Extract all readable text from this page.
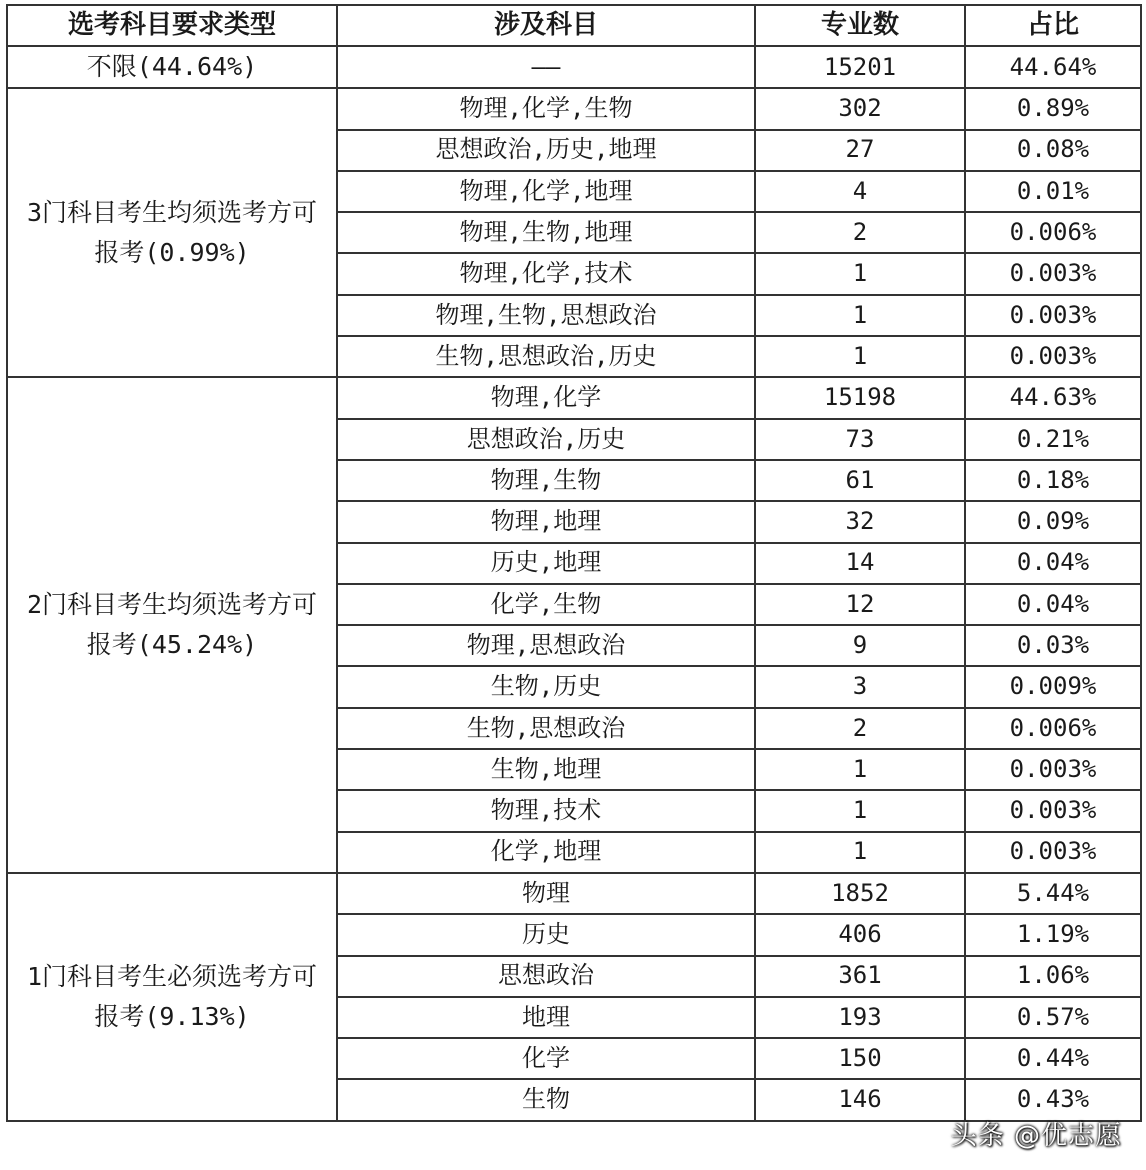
选考科目要求类型	涉及科目	专业数	占比
不限(44.64%)	——	15201	44.64%
3门科目考生均须选考方可报考(0.99%)	物理,化学,生物	302	0.89%
	思想政治,历史,地理	27	0.08%
	物理,化学,地理	4	0.01%
	物理,生物,地理	2	0.006%
	物理,化学,技术	1	0.003%
	物理,生物,思想政治	1	0.003%
	生物,思想政治,历史	1	0.003%
2门科目考生均须选考方可报考(45.24%)	物理,化学	15198	44.63%
	思想政治,历史	73	0.21%
	物理,生物	61	0.18%
	物理,地理	32	0.09%
	历史,地理	14	0.04%
	化学,生物	12	0.04%
	物理,思想政治	9	0.03%
	生物,历史	3	0.009%
	生物,思想政治	2	0.006%
	生物,地理	1	0.003%
	物理,技术	1	0.003%
	化学,地理	1	0.003%
1门科目考生必须选考方可报考(9.13%)	物理	1852	5.44%
	历史	406	1.19%
	思想政治	361	1.06%
	地理	193	0.57%
	化学	150	0.44%
	生物	146	0.43%
头条 @优志愿
